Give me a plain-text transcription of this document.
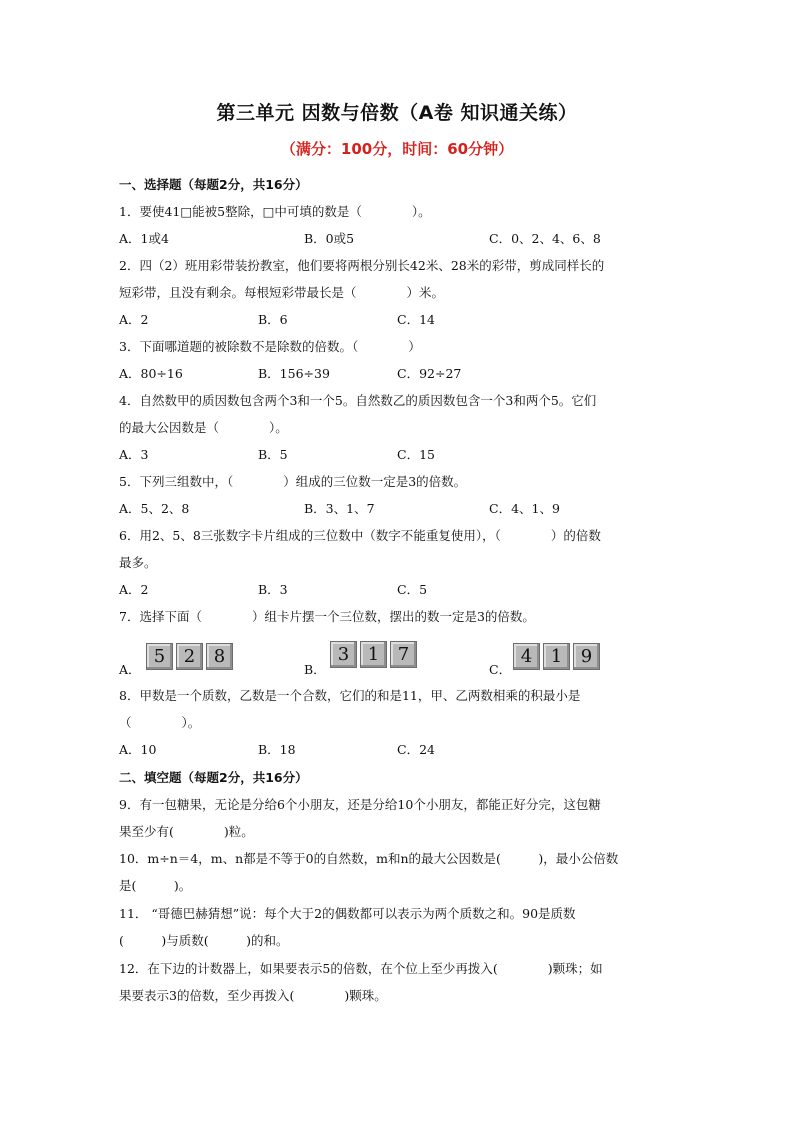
第三单元 因数与倍数（A卷 知识通关练）
（满分：100分，时间：60分钟）
一、选择题（每题2分，共16分）
1．要使41□能被5整除，□中可填的数是（　　　　）。
A．1或4	B．0或5	C．0、2、4、6、8
2．四（2）班用彩带装扮教室，他们要将两根分别长42米、28米的彩带，剪成同样长的
短彩带，且没有剩余。每根短彩带最长是（　　　　）米。
A．2	B．6	C．14
3．下面哪道题的被除数不是除数的倍数。（　　　　）
A．80÷16	B．156÷39	C．92÷27
4．自然数甲的质因数包含两个3和一个5。自然数乙的质因数包含一个3和两个5。它们
的最大公因数是（　　　　）。
A．3	B．5	C．15
5．下列三组数中，（　　　　）组成的三位数一定是3的倍数。
A．5、2、8	B．3、1、7	C．4、1、9
6．用2、5、8三张数字卡片组成的三位数中（数字不能重复使用），（　　　　）的倍数
最多。
A．2	B．3	C．5
7．选择下面（　　　　）组卡片摆一个三位数，摆出的数一定是3的倍数。
A．
5	2	8
B．
3	1	7
C．
4	1	9
8．甲数是一个质数，乙数是一个合数，它们的和是11，甲、乙两数相乘的积最小是
（　　　　）。
A．10	B．18	C．24
二、填空题（每题2分，共16分）
9．有一包糖果，无论是分给6个小朋友，还是分给10个小朋友，都能正好分完，这包糖
果至少有(　　　　)粒。
10．m÷n＝4，m、n都是不等于0的自然数，m和n的最大公因数是(　　　)，最小公倍数
是(　　　)。
11． “哥德巴赫猜想”说：每个大于2的偶数都可以表示为两个质数之和。90是质数
(　　　)与质数(　　　)的和。
12．在下边的计数器上，如果要表示5的倍数，在个位上至少再拨入(　　　　)颗珠；如
果要表示3的倍数，至少再拨入(　　　　)颗珠。
